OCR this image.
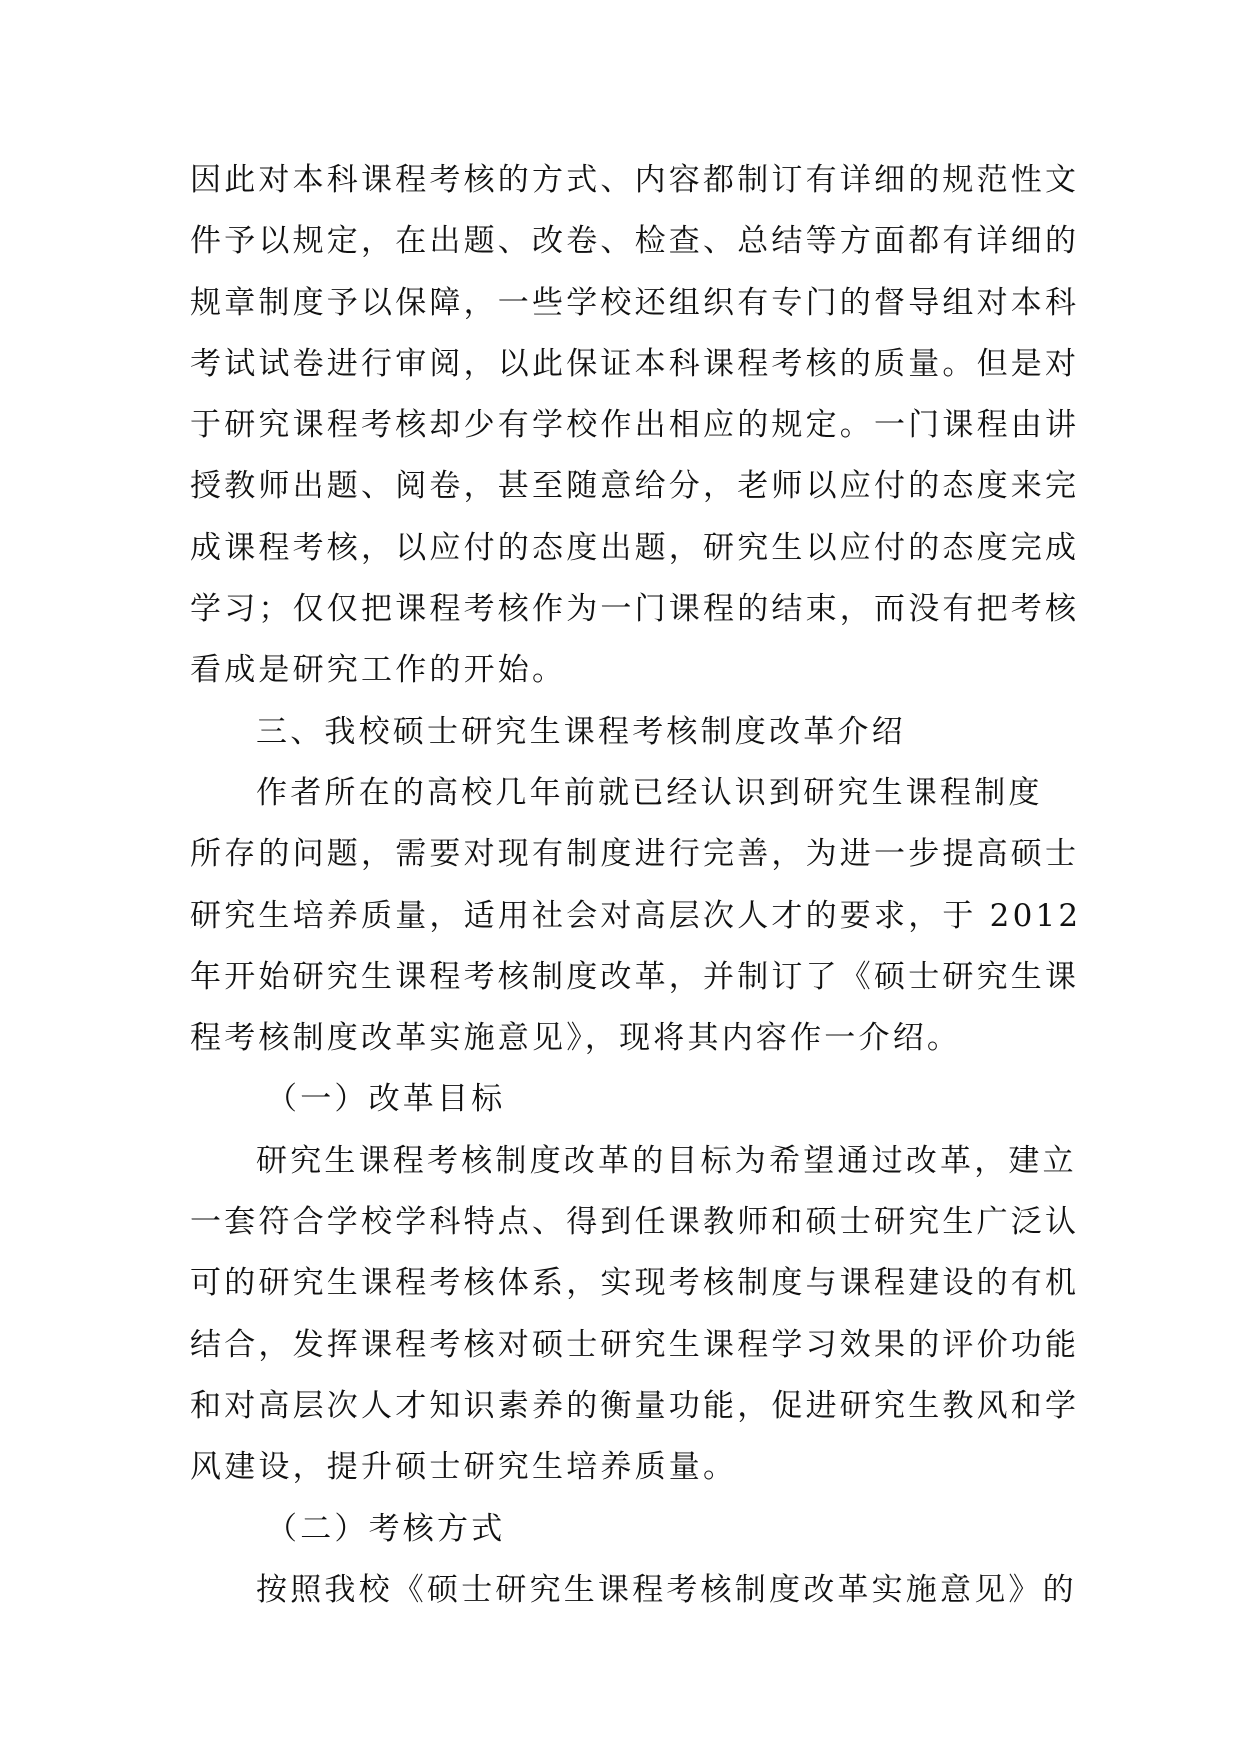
因此对本科课程考核的方式、内容都制订有详细的规范性文
件予以规定，在出题、改卷、检查、总结等方面都有详细的
规章制度予以保障，一些学校还组织有专门的督导组对本科
考试试卷进行审阅，以此保证本科课程考核的质量。但是对
于研究课程考核却少有学校作出相应的规定。一门课程由讲
授教师出题、阅卷，甚至随意给分，老师以应付的态度来完
成课程考核，以应付的态度出题，研究生以应付的态度完成
学习；仅仅把课程考核作为一门课程的结束，而没有把考核
看成是研究工作的开始。
三、我校硕士研究生课程考核制度改革介绍
作者所在的高校几年前就已经认识到研究生课程制度
所存的问题，需要对现有制度进行完善，为进一步提高硕士
研究生培养质量，适用社会对高层次人才的要求，于 2012
年开始研究生课程考核制度改革，并制订了《硕士研究生课
程考核制度改革实施意见》，现将其内容作一介绍。
（一）改革目标
研究生课程考核制度改革的目标为希望通过改革，建立
一套符合学校学科特点、得到任课教师和硕士研究生广泛认
可的研究生课程考核体系，实现考核制度与课程建设的有机
结合，发挥课程考核对硕士研究生课程学习效果的评价功能
和对高层次人才知识素养的衡量功能，促进研究生教风和学
风建设，提升硕士研究生培养质量。
（二）考核方式
按照我校《硕士研究生课程考核制度改革实施意见》的
